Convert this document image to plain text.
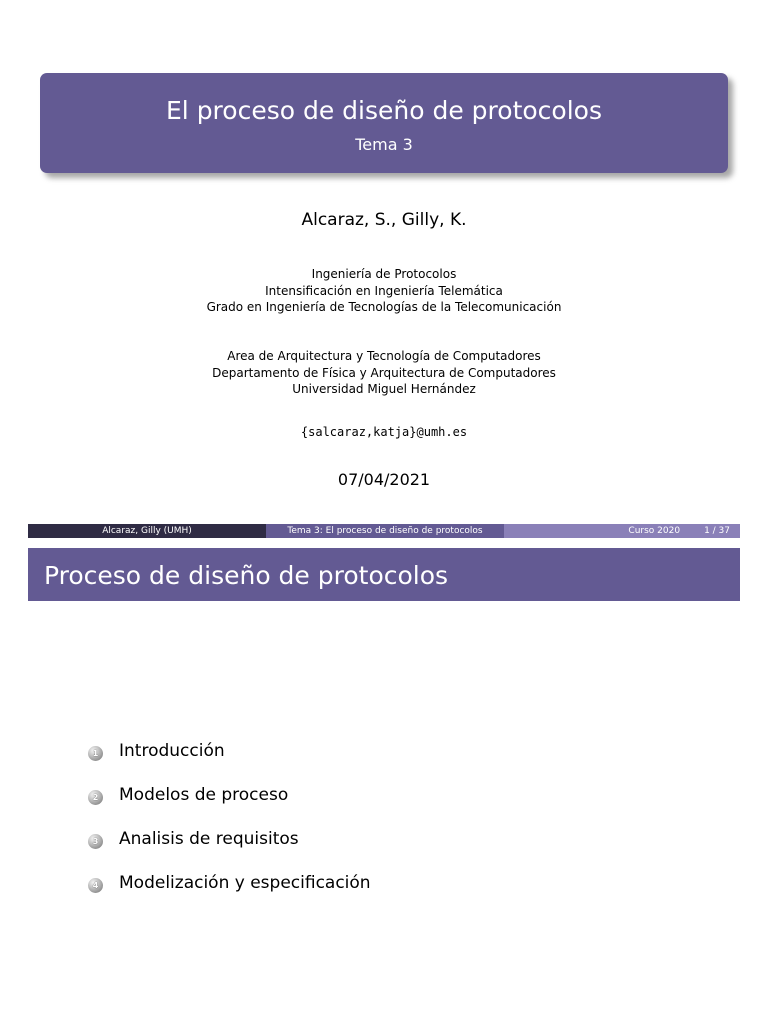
El proceso de diseño de protocolos
Tema 3
Alcaraz, S., Gilly, K.
Ingeniería de Protocolos
Intensificación en Ingeniería Telemática
Grado en Ingeniería de Tecnologías de la Telecomunicación
Area de Arquitectura y Tecnología de Computadores
Departamento de Física y Arquitectura de Computadores
Universidad Miguel Hernández
{salcaraz,katja}@umh.es
07/04/2021
Alcaraz, Gilly (UMH)	Tema 3: El proceso de diseño de protocolos	Curso 2020	1 / 37
Proceso de diseño de protocolos
1 Introducción
2 Modelos de proceso
3 Analisis de requisitos
4 Modelización y especificación
